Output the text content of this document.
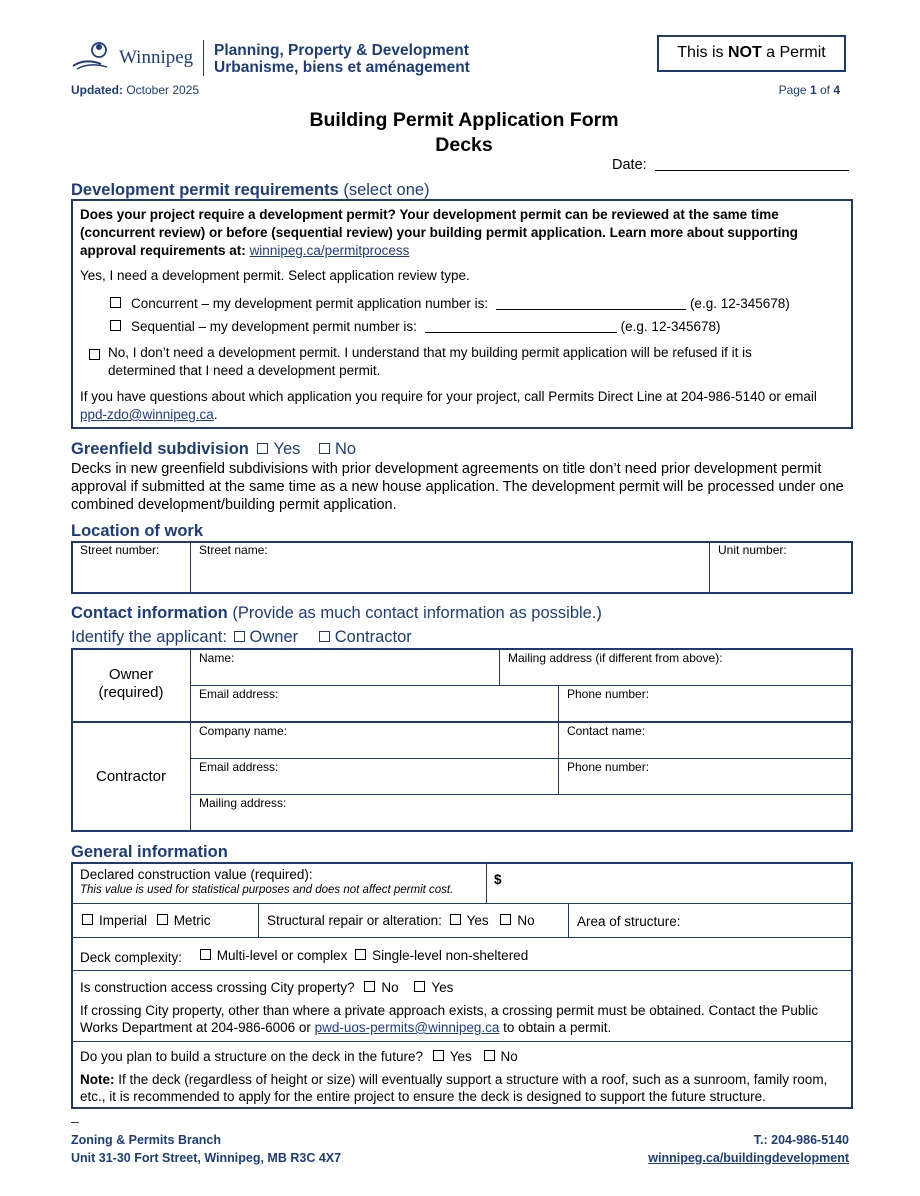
Winnipeg Planning, Property & Development
Urbanisme, biens et aménagement
This is NOT a Permit
Updated: October 2025	Page 1 of 4
Building Permit Application Form
Decks
Date:
Development permit requirements (select one)
Does your project require a development permit? Your development permit can be reviewed at the same time (concurrent review) or before (sequential review) your building permit application. Learn more about supporting approval requirements at: winnipeg.ca/permitprocess
Yes, I need a development permit. Select application review type.
Concurrent – my development permit application number is:	(e.g. 12-345678)
Sequential – my development permit number is:	(e.g. 12-345678)
No, I don’t need a development permit. I understand that my building permit application will be refused if it is determined that I need a development permit.
If you have questions about which application you require for your project, call Permits Direct Line at 204-986-5140 or email ppd-zdo@winnipeg.ca.
Greenfield subdivision Yes No
Decks in new greenfield subdivisions with prior development agreements on title don’t need prior development permit approval if submitted at the same time as a new house application. The development permit will be processed under one combined development/building permit application.
Location of work
Street number:	Street name:	Unit number:
Contact information (Provide as much contact information as possible.)
Identify the applicant: Owner Contractor
Owner
(required)
Name:	Mailing address (if different from above):
Email address:	Phone number:
Contractor
Company name:	Contact name:
Email address:	Phone number:
Mailing address:
General information
Declared construction value (required):
This value is used for statistical purposes and does not affect permit cost.
$
Imperial Metric	Structural repair or alteration: Yes No	Area of structure:
Deck complexity:	Multi-level or complex Single-level non-sheltered
Is construction access crossing City property? No Yes
If crossing City property, other than where a private approach exists, a crossing permit must be obtained. Contact the Public Works Department at 204-986-6006 or pwd-uos-permits@winnipeg.ca to obtain a permit.
Do you plan to build a structure on the deck in the future? Yes No
Note: If the deck (regardless of height or size) will eventually support a structure with a roof, such as a sunroom, family room, etc., it is recommended to apply for the entire project to ensure the deck is designed to support the future structure.
Zoning & Permits Branch
Unit 31-30 Fort Street, Winnipeg, MB R3C 4X7
T.: 204-986-5140
winnipeg.ca/buildingdevelopment
